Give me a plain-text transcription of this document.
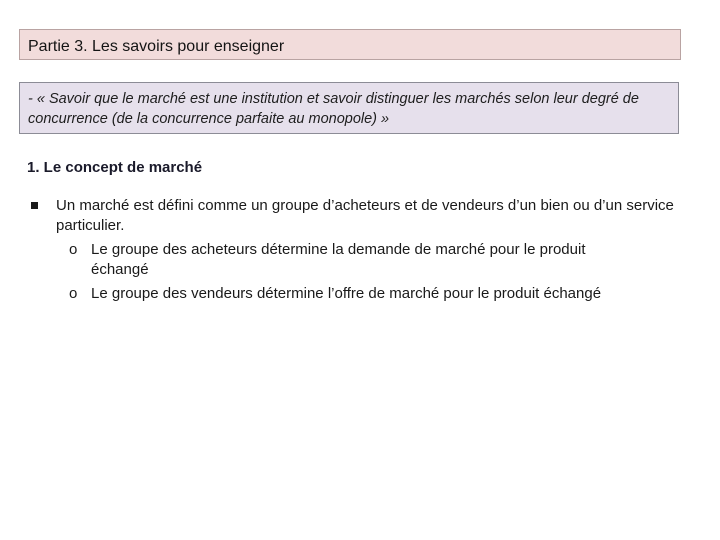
Partie 3. Les savoirs pour enseigner
- « Savoir que le marché est une institution et savoir distinguer les marchés selon leur degré de concurrence (de la concurrence parfaite au monopole) »
1. Le concept de marché
Un marché est défini comme un groupe d’acheteurs et de vendeurs d’un bien ou d’un service particulier.
o Le groupe des acheteurs détermine la demande de marché pour le produit échangé
o Le groupe des vendeurs détermine l’offre de marché pour le produit échangé
